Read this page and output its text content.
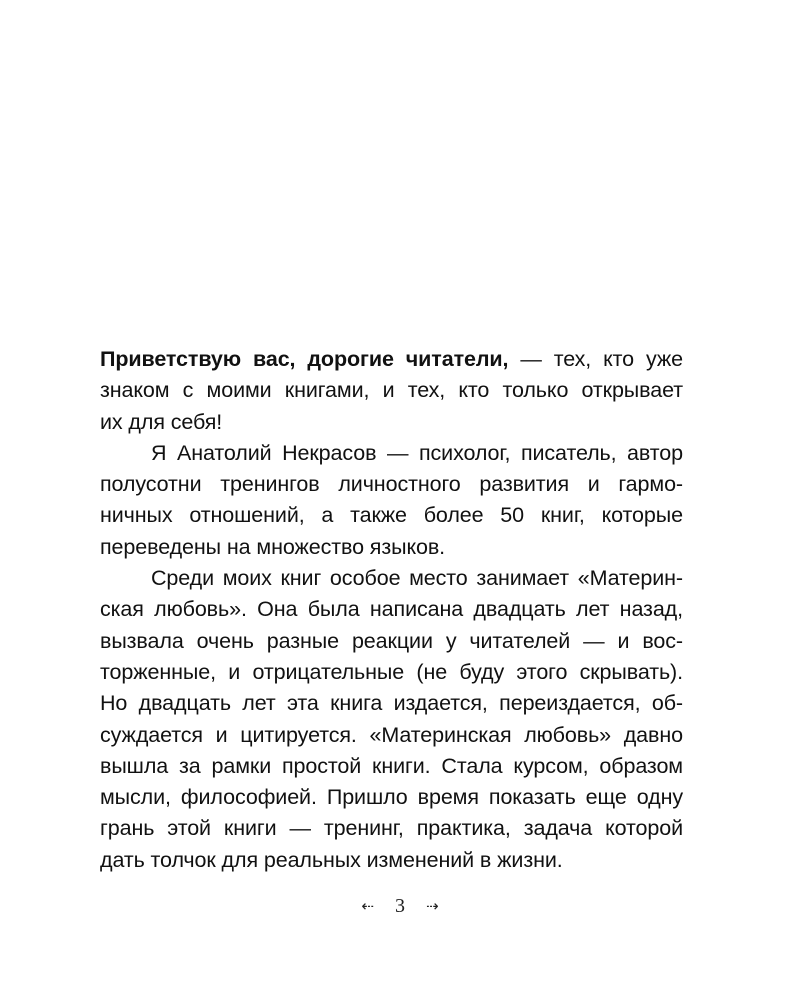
Приветствую вас, дорогие читатели, — тех, кто уже
знаком с моими книгами, и тех, кто только открывает
их для себя!
Я Анатолий Некрасов — психолог, писатель, автор
полусотни тренингов личностного развития и гармо-
ничных отношений, а также более 50 книг, которые
переведены на множество языков.
Среди моих книг особое место занимает «Материн-
ская любовь». Она была написана двадцать лет назад,
вызвала очень разные реакции у читателей — и вос-
торженные, и отрицательные (не буду этого скрывать).
Но двадцать лет эта книга издается, переиздается, об-
суждается и цитируется. «Материнская любовь» давно
вышла за рамки простой книги. Стала курсом, образом
мысли, философией. Пришло время показать еще одну
грань этой книги — тренинг, практика, задача которой
дать толчок для реальных изменений в жизни.
⇠ 3 ⇢
